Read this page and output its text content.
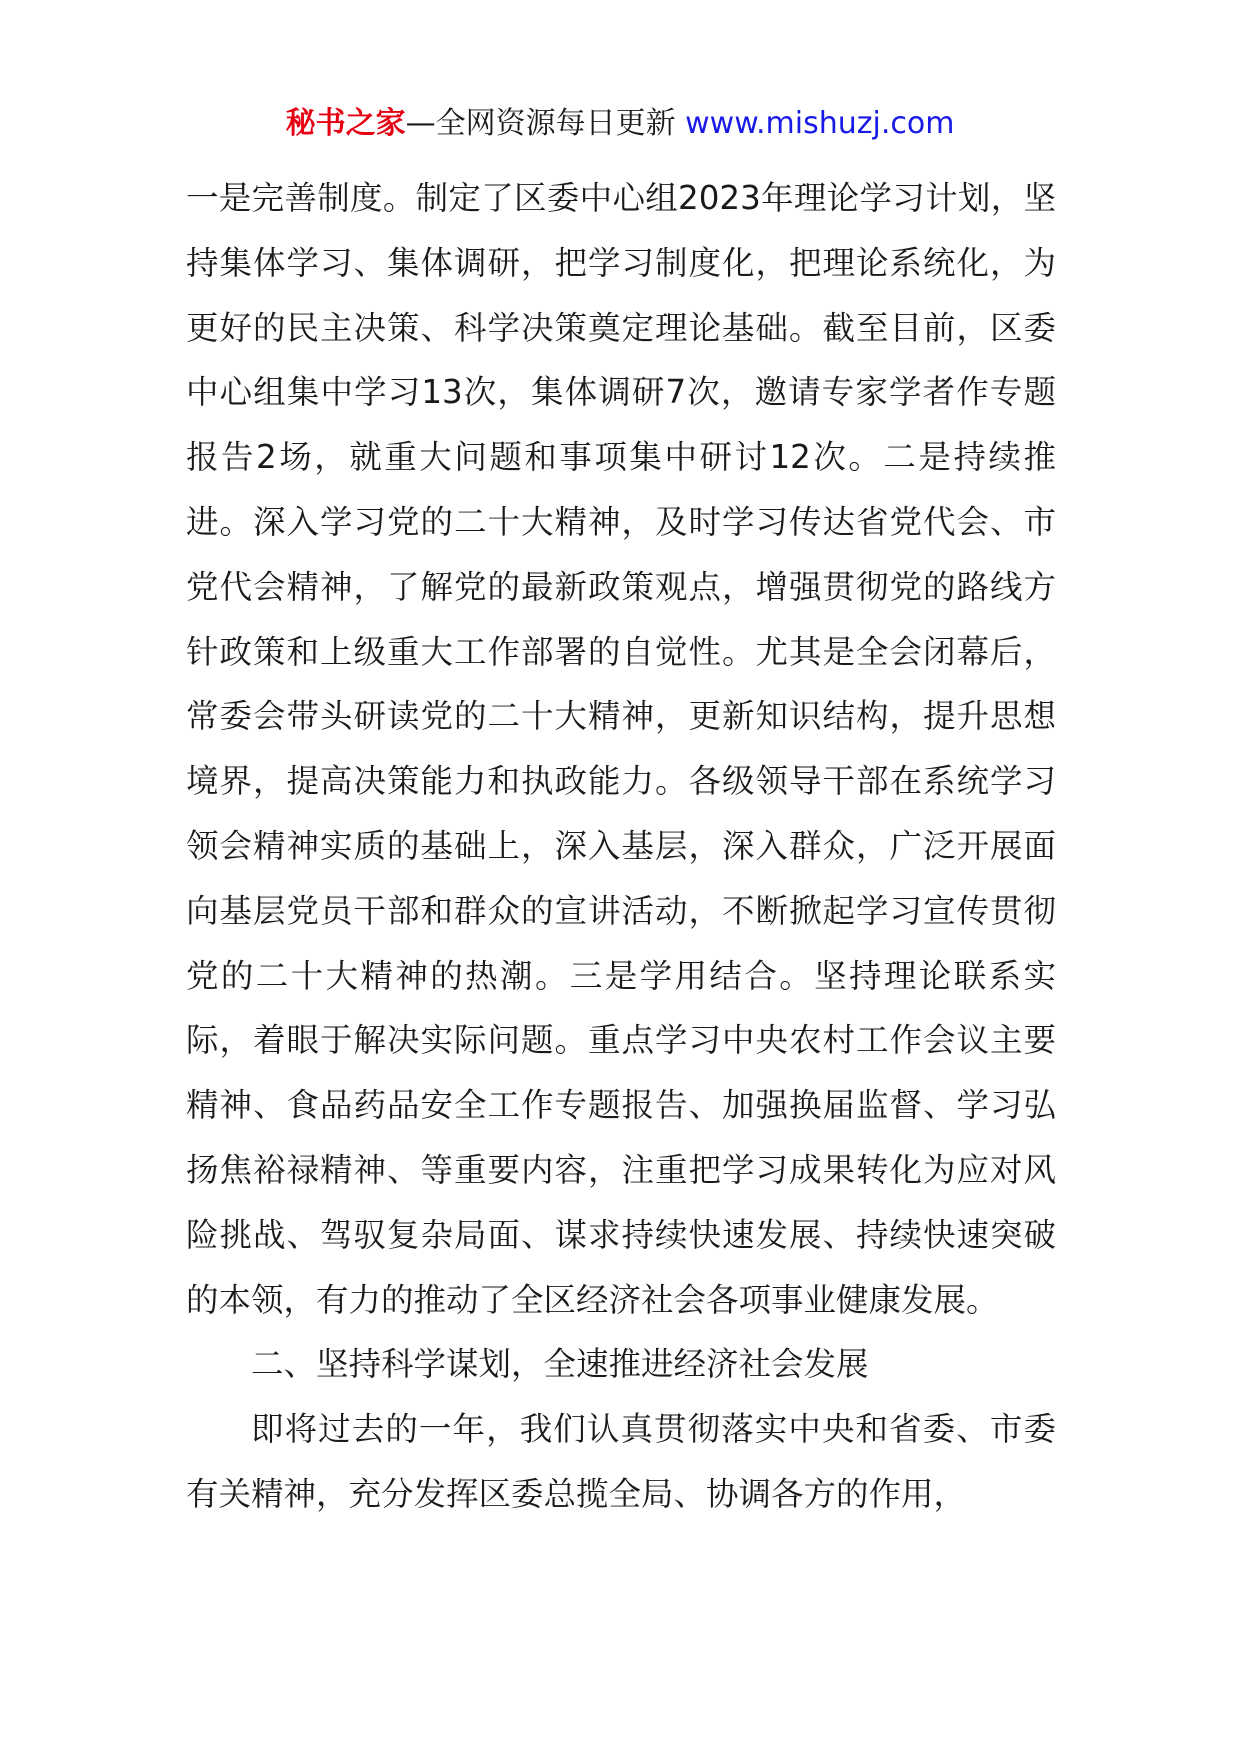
秘书之家—全网资源每日更新 www.mishuzj.com

一是完善制度。制定了区委中心组2023年理论学习计划，坚持集体学习、集体调研，把学习制度化，把理论系统化，为更好的民主决策、科学决策奠定理论基础。截至目前，区委中心组集中学习13次，集体调研7次，邀请专家学者作专题报告2场，就重大问题和事项集中研讨12次。二是持续推进。深入学习党的二十大精神，及时学习传达省党代会、市党代会精神，了解党的最新政策观点，增强贯彻党的路线方针政策和上级重大工作部署的自觉性。尤其是全会闭幕后，常委会带头研读党的二十大精神，更新知识结构，提升思想境界，提高决策能力和执政能力。各级领导干部在系统学习领会精神实质的基础上，深入基层，深入群众，广泛开展面向基层党员干部和群众的宣讲活动，不断掀起学习宣传贯彻党的二十大精神的热潮。三是学用结合。坚持理论联系实际，着眼于解决实际问题。重点学习中央农村工作会议主要精神、食品药品安全工作专题报告、加强换届监督、学习弘扬焦裕禄精神、等重要内容，注重把学习成果转化为应对风险挑战、驾驭复杂局面、谋求持续快速发展、持续快速突破的本领，有力的推动了全区经济社会各项事业健康发展。

二、坚持科学谋划，全速推进经济社会发展

即将过去的一年，我们认真贯彻落实中央和省委、市委有关精神，充分发挥区委总揽全局、协调各方的作用，
